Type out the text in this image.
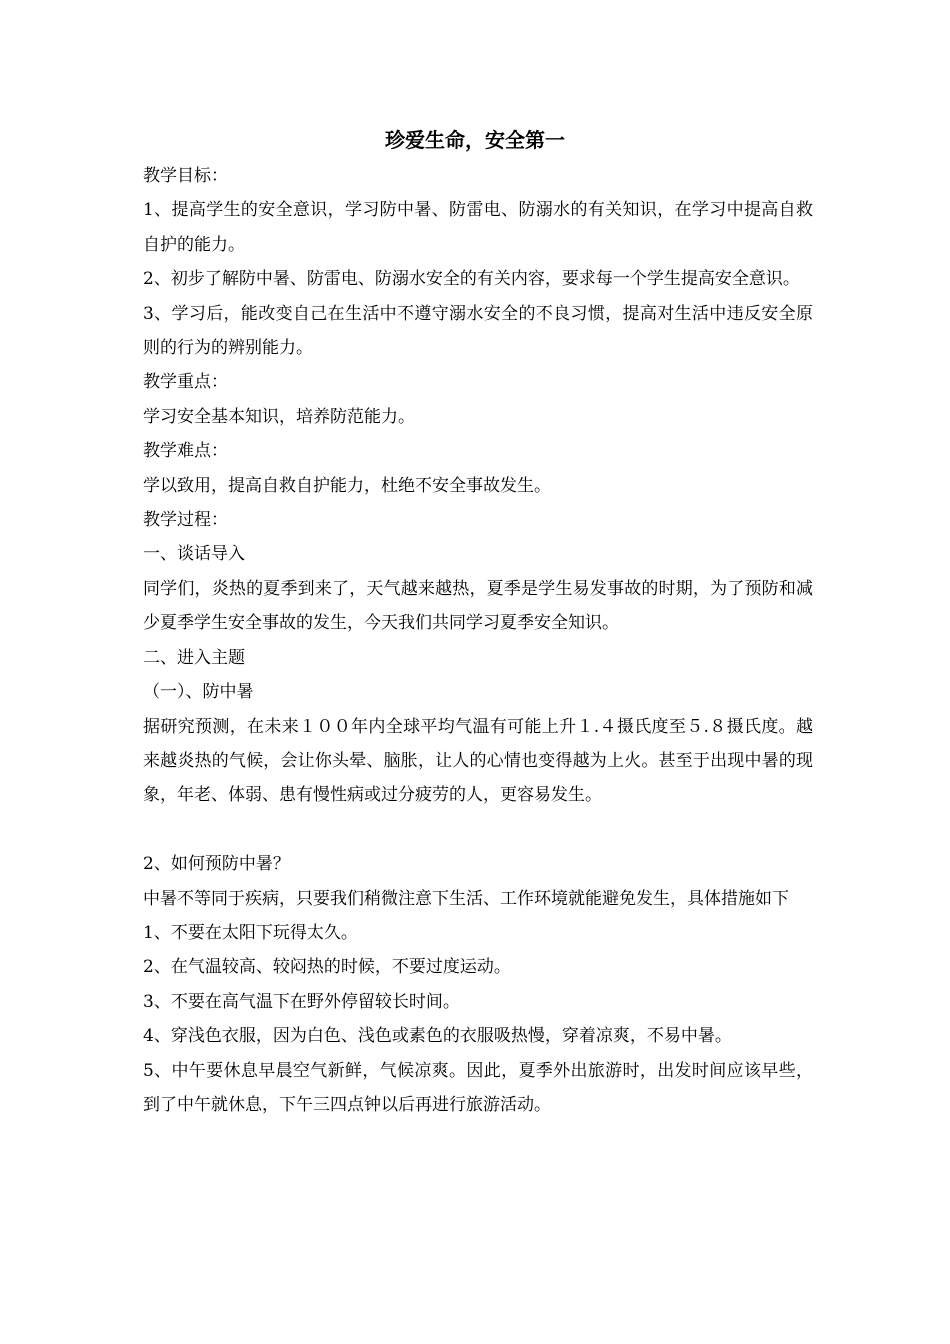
珍爱生命，安全第一

教学目标：

1、提高学生的安全意识，学习防中暑、防雷电、防溺水的有关知识，在学习中提高自救自护的能力。

2、初步了解防中暑、防雷电、防溺水安全的有关内容，要求每一个学生提高安全意识。

3、学习后，能改变自己在生活中不遵守溺水安全的不良习惯，提高对生活中违反安全原则的行为的辨别能力。

教学重点：

学习安全基本知识，培养防范能力。

教学难点：

学以致用，提高自救自护能力，杜绝不安全事故发生。

教学过程：

一、谈话导入

同学们，炎热的夏季到来了，天气越来越热，夏季是学生易发事故的时期，为了预防和减少夏季学生安全事故的发生，今天我们共同学习夏季安全知识。

二、进入主题

（一）、防中暑

据研究预测，在未来１００年内全球平均气温有可能上升１.４摄氏度至５.８摄氏度。越来越炎热的气候，会让你头晕、脑胀，让人的心情也变得越为上火。甚至于出现中暑的现象，年老、体弱、患有慢性病或过分疲劳的人，更容易发生。

2、如何预防中暑？

中暑不等同于疾病，只要我们稍微注意下生活、工作环境就能避免发生，具体措施如下

1、不要在太阳下玩得太久。

2、在气温较高、较闷热的时候，不要过度运动。

3、不要在高气温下在野外停留较长时间。

4、穿浅色衣服，因为白色、浅色或素色的衣服吸热慢，穿着凉爽，不易中暑。

5、中午要休息早晨空气新鲜，气候凉爽。因此，夏季外出旅游时，出发时间应该早些，到了中午就休息，下午三四点钟以后再进行旅游活动。
